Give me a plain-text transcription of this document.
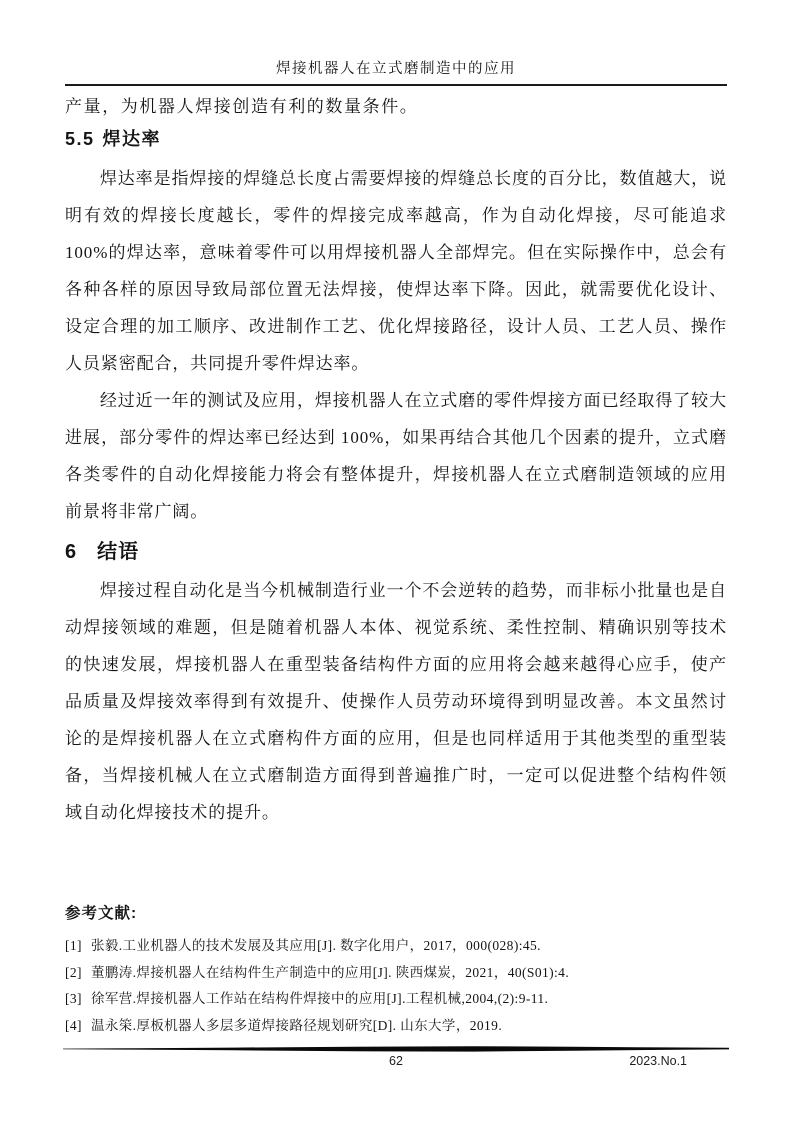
焊接机器人在立式磨制造中的应用

产量，为机器人焊接创造有利的数量条件。

5.5 焊达率

焊达率是指焊接的焊缝总长度占需要焊接的焊缝总长度的百分比，数值越大，说明有效的焊接长度越长，零件的焊接完成率越高，作为自动化焊接，尽可能追求 100%的焊达率，意味着零件可以用焊接机器人全部焊完。但在实际操作中，总会有各种各样的原因导致局部位置无法焊接，使焊达率下降。因此，就需要优化设计、设定合理的加工顺序、改进制作工艺、优化焊接路径，设计人员、工艺人员、操作人员紧密配合，共同提升零件焊达率。

经过近一年的测试及应用，焊接机器人在立式磨的零件焊接方面已经取得了较大进展，部分零件的焊达率已经达到 100%，如果再结合其他几个因素的提升，立式磨各类零件的自动化焊接能力将会有整体提升，焊接机器人在立式磨制造领域的应用前景将非常广阔。

6 结语

焊接过程自动化是当今机械制造行业一个不会逆转的趋势，而非标小批量也是自动焊接领域的难题，但是随着机器人本体、视觉系统、柔性控制、精确识别等技术的快速发展，焊接机器人在重型装备结构件方面的应用将会越来越得心应手，使产品质量及焊接效率得到有效提升、使操作人员劳动环境得到明显改善。本文虽然讨论的是焊接机器人在立式磨构件方面的应用，但是也同样适用于其他类型的重型装备，当焊接机械人在立式磨制造方面得到普遍推广时，一定可以促进整个结构件领域自动化焊接技术的提升。

参考文献:
[1] 张毅.工业机器人的技术发展及其应用[J]. 数字化用户，2017，000(028):45.
[2] 董鹏涛.焊接机器人在结构件生产制造中的应用[J]. 陕西煤炭，2021，40(S01):4.
[3] 徐军营.焊接机器人工作站在结构件焊接中的应用[J].工程机械,2004,(2):9-11.
[4] 温永筞.厚板机器人多层多道焊接路径规划研究[D]. 山东大学，2019.
62	2023.No.1
